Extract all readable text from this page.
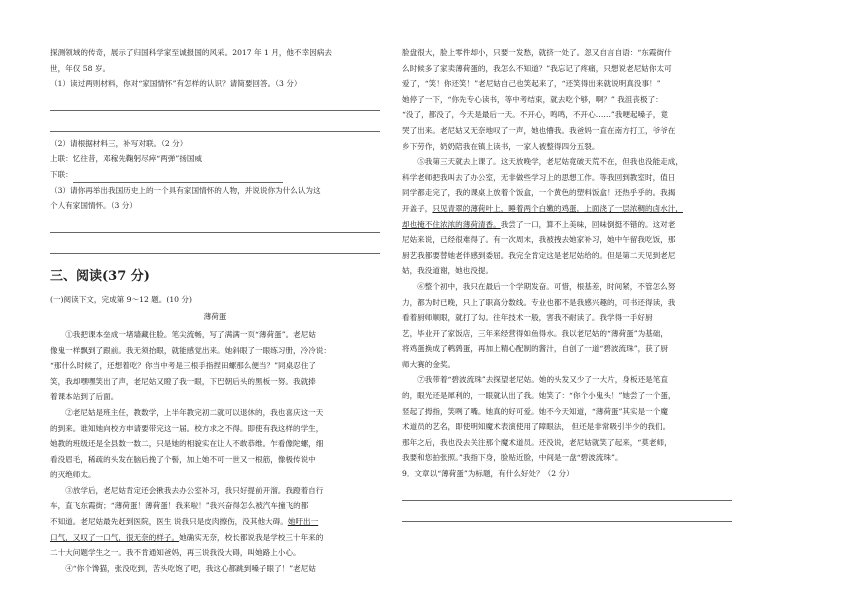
探测领域的传奇，展示了归国科学家至诚报国的风采。2017 年 1 月，他不幸因病去

世，年仅 58 岁。

（1）读过两则材料，你对“家国情怀”有怎样的认识？请简要回答。（3 分）

（2）请根据材料三，补写对联。（2 分）

上联：忆往昔，邓稼先鞠躬尽瘁“两弹”扬国威

下联：

（3）请你再举出我国历史上的一个具有家国情怀的人物，并说说你为什么认为这

个人有家国情怀。（3 分）

三、阅读(37 分)

(一)阅读下文，完成第 9～12 题。(10 分)

薄荷蛋

①我把课本垒成一堵墙藏住脸。笔尖流畅，写了满满一页“薄荷蛋”。老尼姑

像鬼一样飘到了跟前。我无须抬眼，就能感觉出来。她斜眼了一眼练习册，冷冷说：

“那什么时候了，还想着吃？你当中考是三根手指捏田螺那么便当？”同桌忍住了

笑，我却嘿嘿笑出了声，老尼姑又瞪了我一眼，下巴朝后头的黑板一努。我就捧

着课本站到了后面。

②老尼姑是班主任，教数学，上半年教完初二就可以退休的，我也喜庆这一天

的到来。谁知她向校方申请要带完这一届。校方求之不得。即使有我这样的学生，

她教的班级还是全县数一数二，只是她的相貌实在让人不敢恭维。乍看像陀螺，细

看没眉毛，稀疏的头发在脑后挽了个髻，加上她不可一世又一根筋，像极传说中

的灭绝师太。

③放学后，老尼姑肯定还会揪我去办公室补习，我只好提前开溜。我蹬着自行

车，直飞东霞街；“薄荷蛋！薄荷蛋！我来啦！”我兴奋得怎么被汽车撞飞的都

不知道。老尼姑最先赶到医院，医生 说我只是皮肉擦伤，没其他大碍。她吁出一

口气，又叹了一口气，很无奈的样子。她确实无奈，校长都说我是学校三十年来的

二十大问题学生之一。我不肯通知爸妈，再三说我没大碍，叫她路上小心。

④“你个馋猫，张没吃到，苦头吃饱了吧，我这心都跳到嗓子眼了！”老尼姑

脸盘很大，脸上零件却小，只要一发愁，就挤一处了。忽又自言自语：“东霞街什

么时候多了家卖薄荷蛋的，我怎么不知道？”我忘记了疼痛，只想说老尼姑你太可

爱了，“笑！你还笑！”老尼姑自己也笑起来了，“还笑得出来就说明真没事！”

她停了一下，“你先专心读书，等中考结束，就去吃个够，啊？” 我沮丧极了：

“没了，都没了，今天是最后一天。不开心，鸣鸣，不开心……”我哽起嗓子，竟

哭了出来。老尼姑又无奈地叹了一声，她也懵我。我爸妈一直在南方打工，爷爷在

乡下劳作，奶奶陪我在镇上读书，一家人被整得四分五裂。

⑤我第三天就去上课了。这天放晚学，老尼姑竟破天荒不在，但我也没能走成，

科学老师把我叫去了办公室，无非做些学习上的思想工作。等我回到教室时，值日

同学都走完了，我的课桌上放着个饭盒，一个黄色的塑料饭盒！还热乎乎的。我揭

开盖子，只见青翠的薄荷叶上，睡着两个白嫩的鸡蛋，上面浇了一层浓稠的卤水汁，

却也掩不住浓浓的薄荷清香。我尝了一口，算不上美味，回味倒挺不错的。这对老

尼姑来说，已经很难得了。有一次周末，我被拽去她家补习，她中午留我吃饭，那

厨艺我都要替她老伴感到委屈。我完全肯定这是老尼姑给的。但是第二天见到老尼

姑，我没道谢，她也没提。

⑥整个初中，我只在最后一个学期发奋。可惜，根基差，时间紧，不管怎么努

力，都为时已晚，只上了职高分数线。专业也都不是我感兴趣的，可书还得读，我

看着厨师顺眼，就打了勾。往年技术一般，害我不耐读了。我学得一手好厨

艺，毕业开了家饭店，三年来经营得如鱼得水。我以老尼姑的“薄荷蛋”为基础，

将鸡蛋换成了鹌鹑蛋，再加上精心配制的酱汁，自创了一道“碧波流珠”，获了厨

师大赛的金奖。

⑦我带着“碧波流珠”去探望老尼姑。她的头发又少了一大片，身板还是笔直

的，眼光还是犀利的，一眼就认出了我。她笑了：“你个小鬼头！”她尝了一个蛋，

竖起了拇指，笑咧了嘴。她真的好可爱。她不今天知道，“薄荷蛋”其实是一个魔

术道员的艺名，即使明知魔术表演使用了障眼法， 但还是非常吸引半少的我们。

那年之后，我也没去关注那个魔术道员。还没说，老尼姑就笑了起来，“莫老师，

我要和您拍张照。”我指下身，脸贴近脸，中间是一盘“碧波流珠”。

9．文章以“薄荷蛋”为标题，有什么好处？（2 分）
